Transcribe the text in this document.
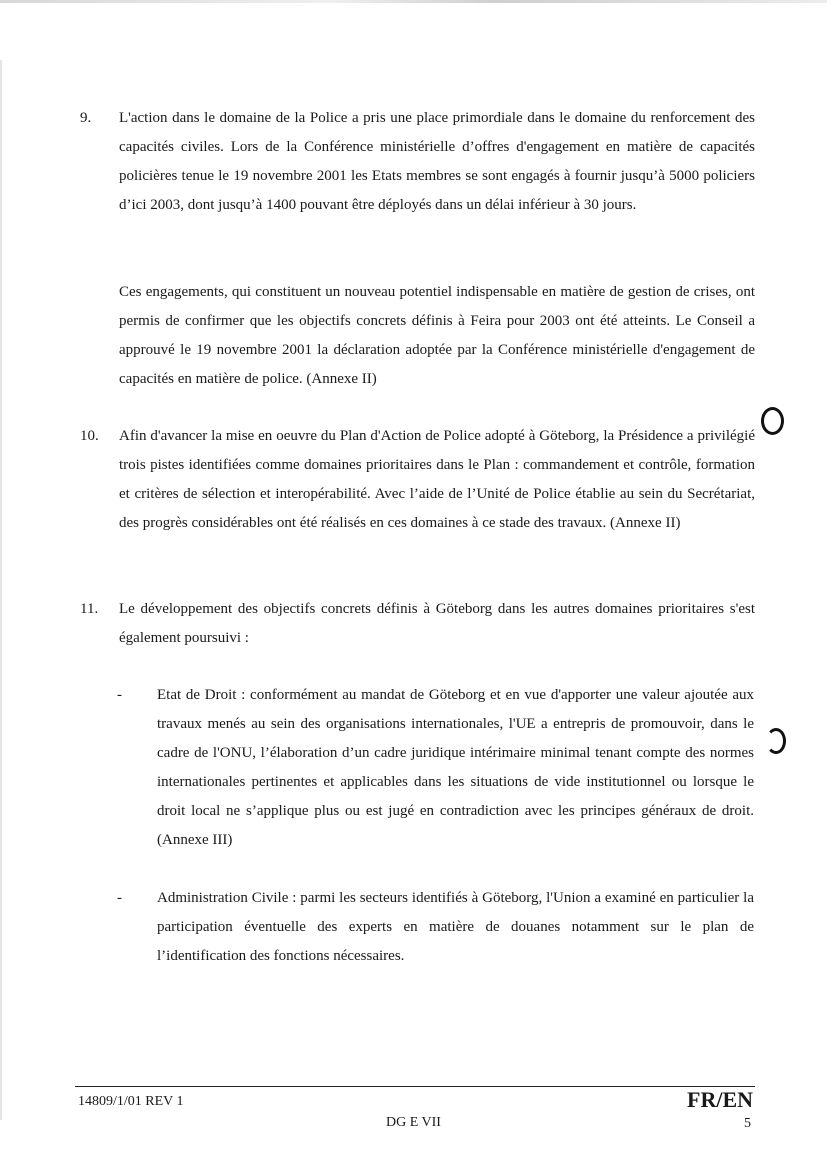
9. L'action dans le domaine de la Police a pris une place primordiale dans le domaine du renforcement des capacités civiles. Lors de la Conférence ministérielle d’offres d'engagement en matière de capacités policières tenue le 19 novembre 2001 les Etats membres se sont engagés à fournir jusqu’à 5000 policiers d’ici 2003, dont jusqu’à 1400 pouvant être déployés dans un délai inférieur à 30 jours.
Ces engagements, qui constituent un nouveau potentiel indispensable en matière de gestion de crises, ont permis de confirmer que les objectifs concrets définis à Feira pour 2003 ont été atteints. Le Conseil a approuvé le 19 novembre 2001 la déclaration adoptée par la Conférence ministérielle d'engagement de capacités en matière de police. (Annexe II)
10. Afin d'avancer la mise en oeuvre du Plan d'Action de Police adopté à Göteborg, la Présidence a privilégié trois pistes identifiées comme domaines prioritaires dans le Plan : commandement et contrôle, formation et critères de sélection et interopérabilité. Avec l’aide de l’Unité de Police établie au sein du Secrétariat, des progrès considérables ont été réalisés en ces domaines à ce stade des travaux. (Annexe II)
11. Le développement des objectifs concrets définis à Göteborg dans les autres domaines prioritaires s'est également poursuivi :
- Etat de Droit : conformément au mandat de Göteborg et en vue d'apporter une valeur ajoutée aux travaux menés au sein des organisations internationales, l'UE a entrepris de promouvoir, dans le cadre de l'ONU, l’élaboration d’un cadre juridique intérimaire minimal tenant compte des normes internationales pertinentes et applicables dans les situations de vide institutionnel ou lorsque le droit local ne s’applique plus ou est jugé en contradiction avec les principes généraux de droit. (Annexe III)
- Administration Civile : parmi les secteurs identifiés à Göteborg, l'Union a examiné en particulier la participation éventuelle des experts en matière de douanes notamment sur le plan de l’identification des fonctions nécessaires.
14809/1/01 REV 1	FR/EN
DG E VII	5
